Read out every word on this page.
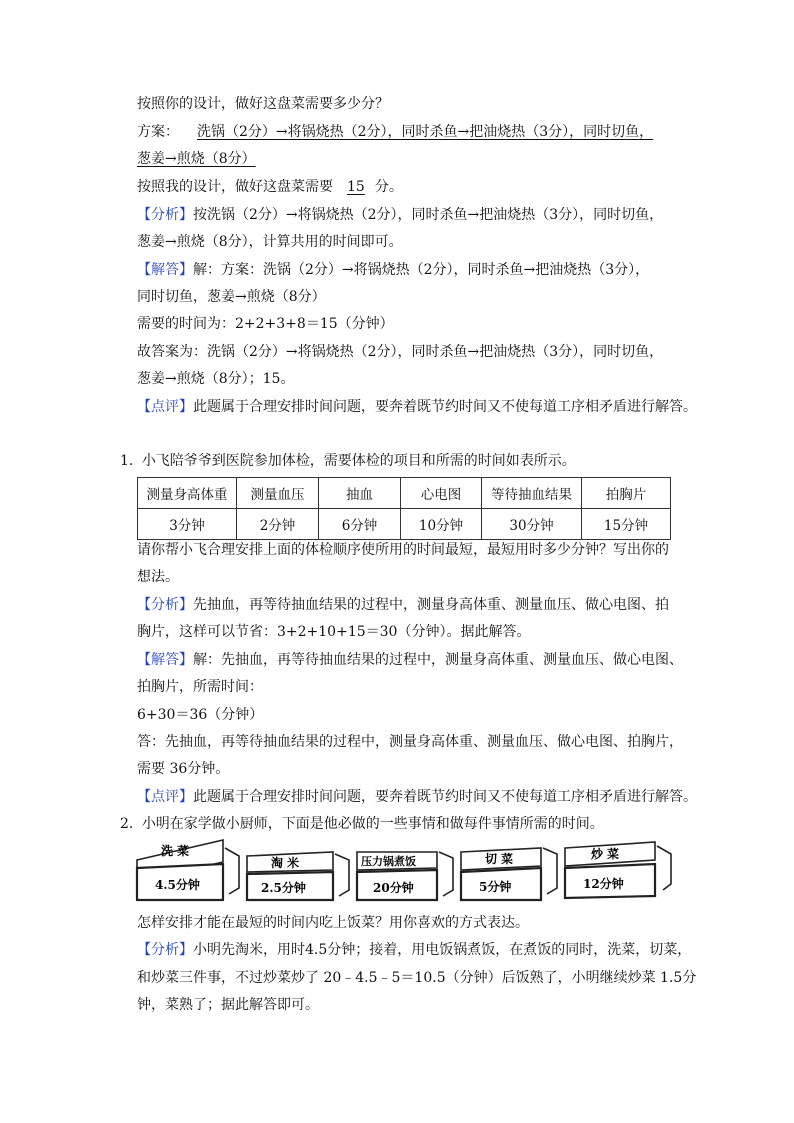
按照你的设计，做好这盘菜需要多少分？
方案： 洗锅（2分）→将锅烧热（2分），同时杀鱼→把油烧热（3分），同时切鱼，
葱姜→煎烧（8分）
按照我的设计，做好这盘菜需要 15 分。
【分析】按洗锅（2分）→将锅烧热（2分），同时杀鱼→把油烧热（3分），同时切鱼，
葱姜→煎烧（8分），计算共用的时间即可。
【解答】解：方案：洗锅（2分）→将锅烧热（2分），同时杀鱼→把油烧热（3分），
同时切鱼，葱姜→煎烧（8分）
需要的时间为：2+2+3+8＝15（分钟）
故答案为：洗锅（2分）→将锅烧热（2分），同时杀鱼→把油烧热（3分），同时切鱼，
葱姜→煎烧（8分）；15。
【点评】此题属于合理安排时间问题，要奔着既节约时间又不使每道工序相矛盾进行解答。
1. 小飞陪爷爷到医院参加体检，需要体检的项目和所需的时间如表所示。
测量身高体重	测量血压	抽血	心电图	等待抽血结果	拍胸片
3分钟	2分钟	6分钟	10分钟	30分钟	15分钟
请你帮小飞合理安排上面的体检顺序使所用的时间最短，最短用时多少分钟？写出你的
想法。
【分析】先抽血，再等待抽血结果的过程中，测量身高体重、测量血压、做心电图、拍
胸片，这样可以节省：3+2+10+15＝30（分钟）。据此解答。
【解答】解：先抽血，再等待抽血结果的过程中，测量身高体重、测量血压、做心电图、
拍胸片，所需时间：
6+30＝36（分钟）
答：先抽血，再等待抽血结果的过程中，测量身高体重、测量血压、做心电图、拍胸片，
需要 36分钟。
【点评】此题属于合理安排时间问题，要奔着既节约时间又不使每道工序相矛盾进行解答。
2. 小明在家学做小厨师，下面是他必做的一些事情和做每件事情所需的时间。
洗菜
4.5分钟
淘米
2.5分钟
压力锅煮饭
20分钟
切菜
5分钟
炒菜
12分钟
怎样安排才能在最短的时间内吃上饭菜？用你喜欢的方式表达。
【分析】小明先淘米，用时4.5分钟；接着，用电饭锅煮饭，在煮饭的同时，洗菜，切菜，
和炒菜三件事，不过炒菜炒了 20﹣4.5﹣5＝10.5（分钟）后饭熟了，小明继续炒菜 1.5分
钟，菜熟了；据此解答即可。
